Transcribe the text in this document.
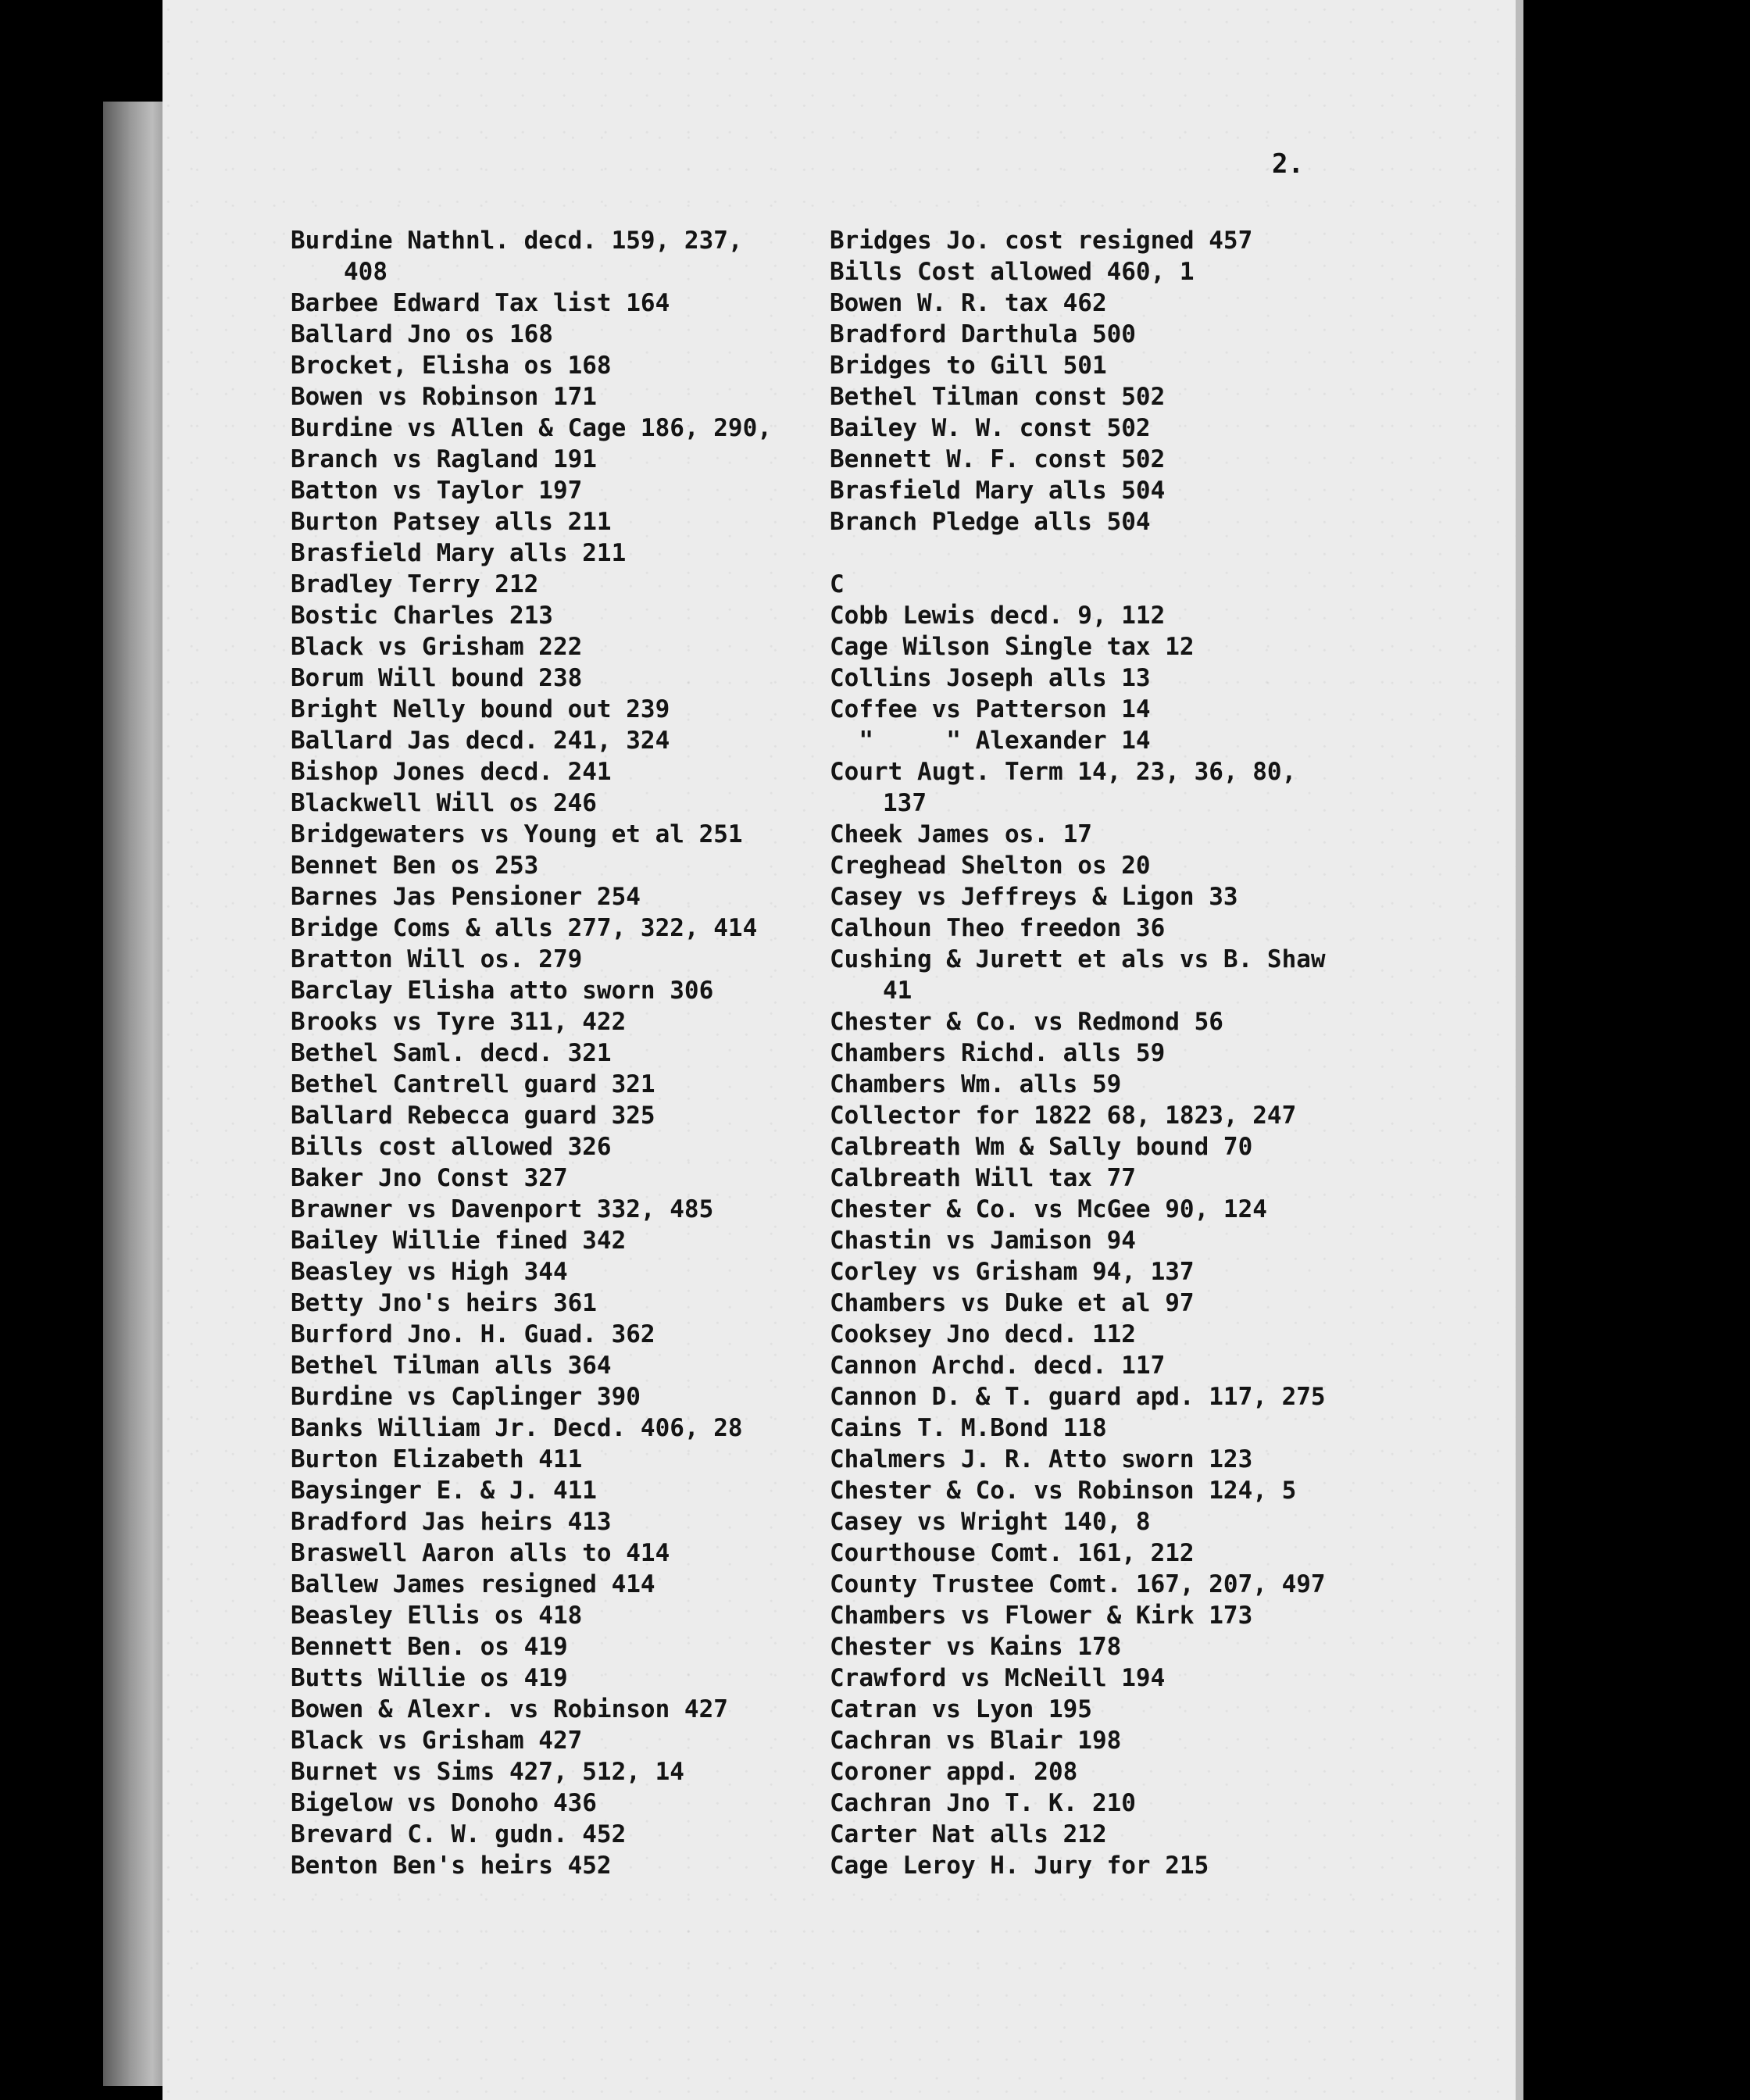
2.
Burdine Nathnl. decd. 159, 237,
408
Barbee Edward Tax list 164
Ballard Jno os 168
Brocket, Elisha os 168
Bowen vs Robinson 171
Burdine vs Allen & Cage 186, 290,
Branch vs Ragland 191
Batton vs Taylor 197
Burton Patsey alls 211
Brasfield Mary alls 211
Bradley Terry 212
Bostic Charles 213
Black vs Grisham 222
Borum Will bound 238
Bright Nelly bound out 239
Ballard Jas decd. 241, 324
Bishop Jones decd. 241
Blackwell Will os 246
Bridgewaters vs Young et al 251
Bennet Ben os 253
Barnes Jas Pensioner 254
Bridge Coms & alls 277, 322, 414
Bratton Will os. 279
Barclay Elisha atto sworn 306
Brooks vs Tyre 311, 422
Bethel Saml. decd. 321
Bethel Cantrell guard 321
Ballard Rebecca guard 325
Bills cost allowed 326
Baker Jno Const 327
Brawner vs Davenport 332, 485
Bailey Willie fined 342
Beasley vs High 344
Betty Jno's heirs 361
Burford Jno. H. Guad. 362
Bethel Tilman alls 364
Burdine vs Caplinger 390
Banks William Jr. Decd. 406, 28
Burton Elizabeth 411
Baysinger E. & J. 411
Bradford Jas heirs 413
Braswell Aaron alls to 414
Ballew James resigned 414
Beasley Ellis os 418
Bennett Ben. os 419
Butts Willie os 419
Bowen & Alexr. vs Robinson 427
Black vs Grisham 427
Burnet vs Sims 427, 512, 14
Bigelow vs Donoho 436
Brevard C. W. gudn. 452
Benton Ben's heirs 452
Bridges Jo. cost resigned 457
Bills Cost allowed 460, 1
Bowen W. R. tax 462
Bradford Darthula 500
Bridges to Gill 501
Bethel Tilman const 502
Bailey W. W. const 502
Bennett W. F. const 502
Brasfield Mary alls 504
Branch Pledge alls 504
C
Cobb Lewis decd. 9, 112
Cage Wilson Single tax 12
Collins Joseph alls 13
Coffee vs Patterson 14
"     " Alexander 14
Court Augt. Term 14, 23, 36, 80,
137
Cheek James os. 17
Creghead Shelton os 20
Casey vs Jeffreys & Ligon 33
Calhoun Theo freedon 36
Cushing & Jurett et als vs B. Shaw
41
Chester & Co. vs Redmond 56
Chambers Richd. alls 59
Chambers Wm. alls 59
Collector for 1822 68, 1823, 247
Calbreath Wm & Sally bound 70
Calbreath Will tax 77
Chester & Co. vs McGee 90, 124
Chastin vs Jamison 94
Corley vs Grisham 94, 137
Chambers vs Duke et al 97
Cooksey Jno decd. 112
Cannon Archd. decd. 117
Cannon D. & T. guard apd. 117, 275
Cains T. M.Bond 118
Chalmers J. R. Atto sworn 123
Chester & Co. vs Robinson 124, 5
Casey vs Wright 140, 8
Courthouse Comt. 161, 212
County Trustee Comt. 167, 207, 497
Chambers vs Flower & Kirk 173
Chester vs Kains 178
Crawford vs McNeill 194
Catran vs Lyon 195
Cachran vs Blair 198
Coroner appd. 208
Cachran Jno T. K. 210
Carter Nat alls 212
Cage Leroy H. Jury for 215
